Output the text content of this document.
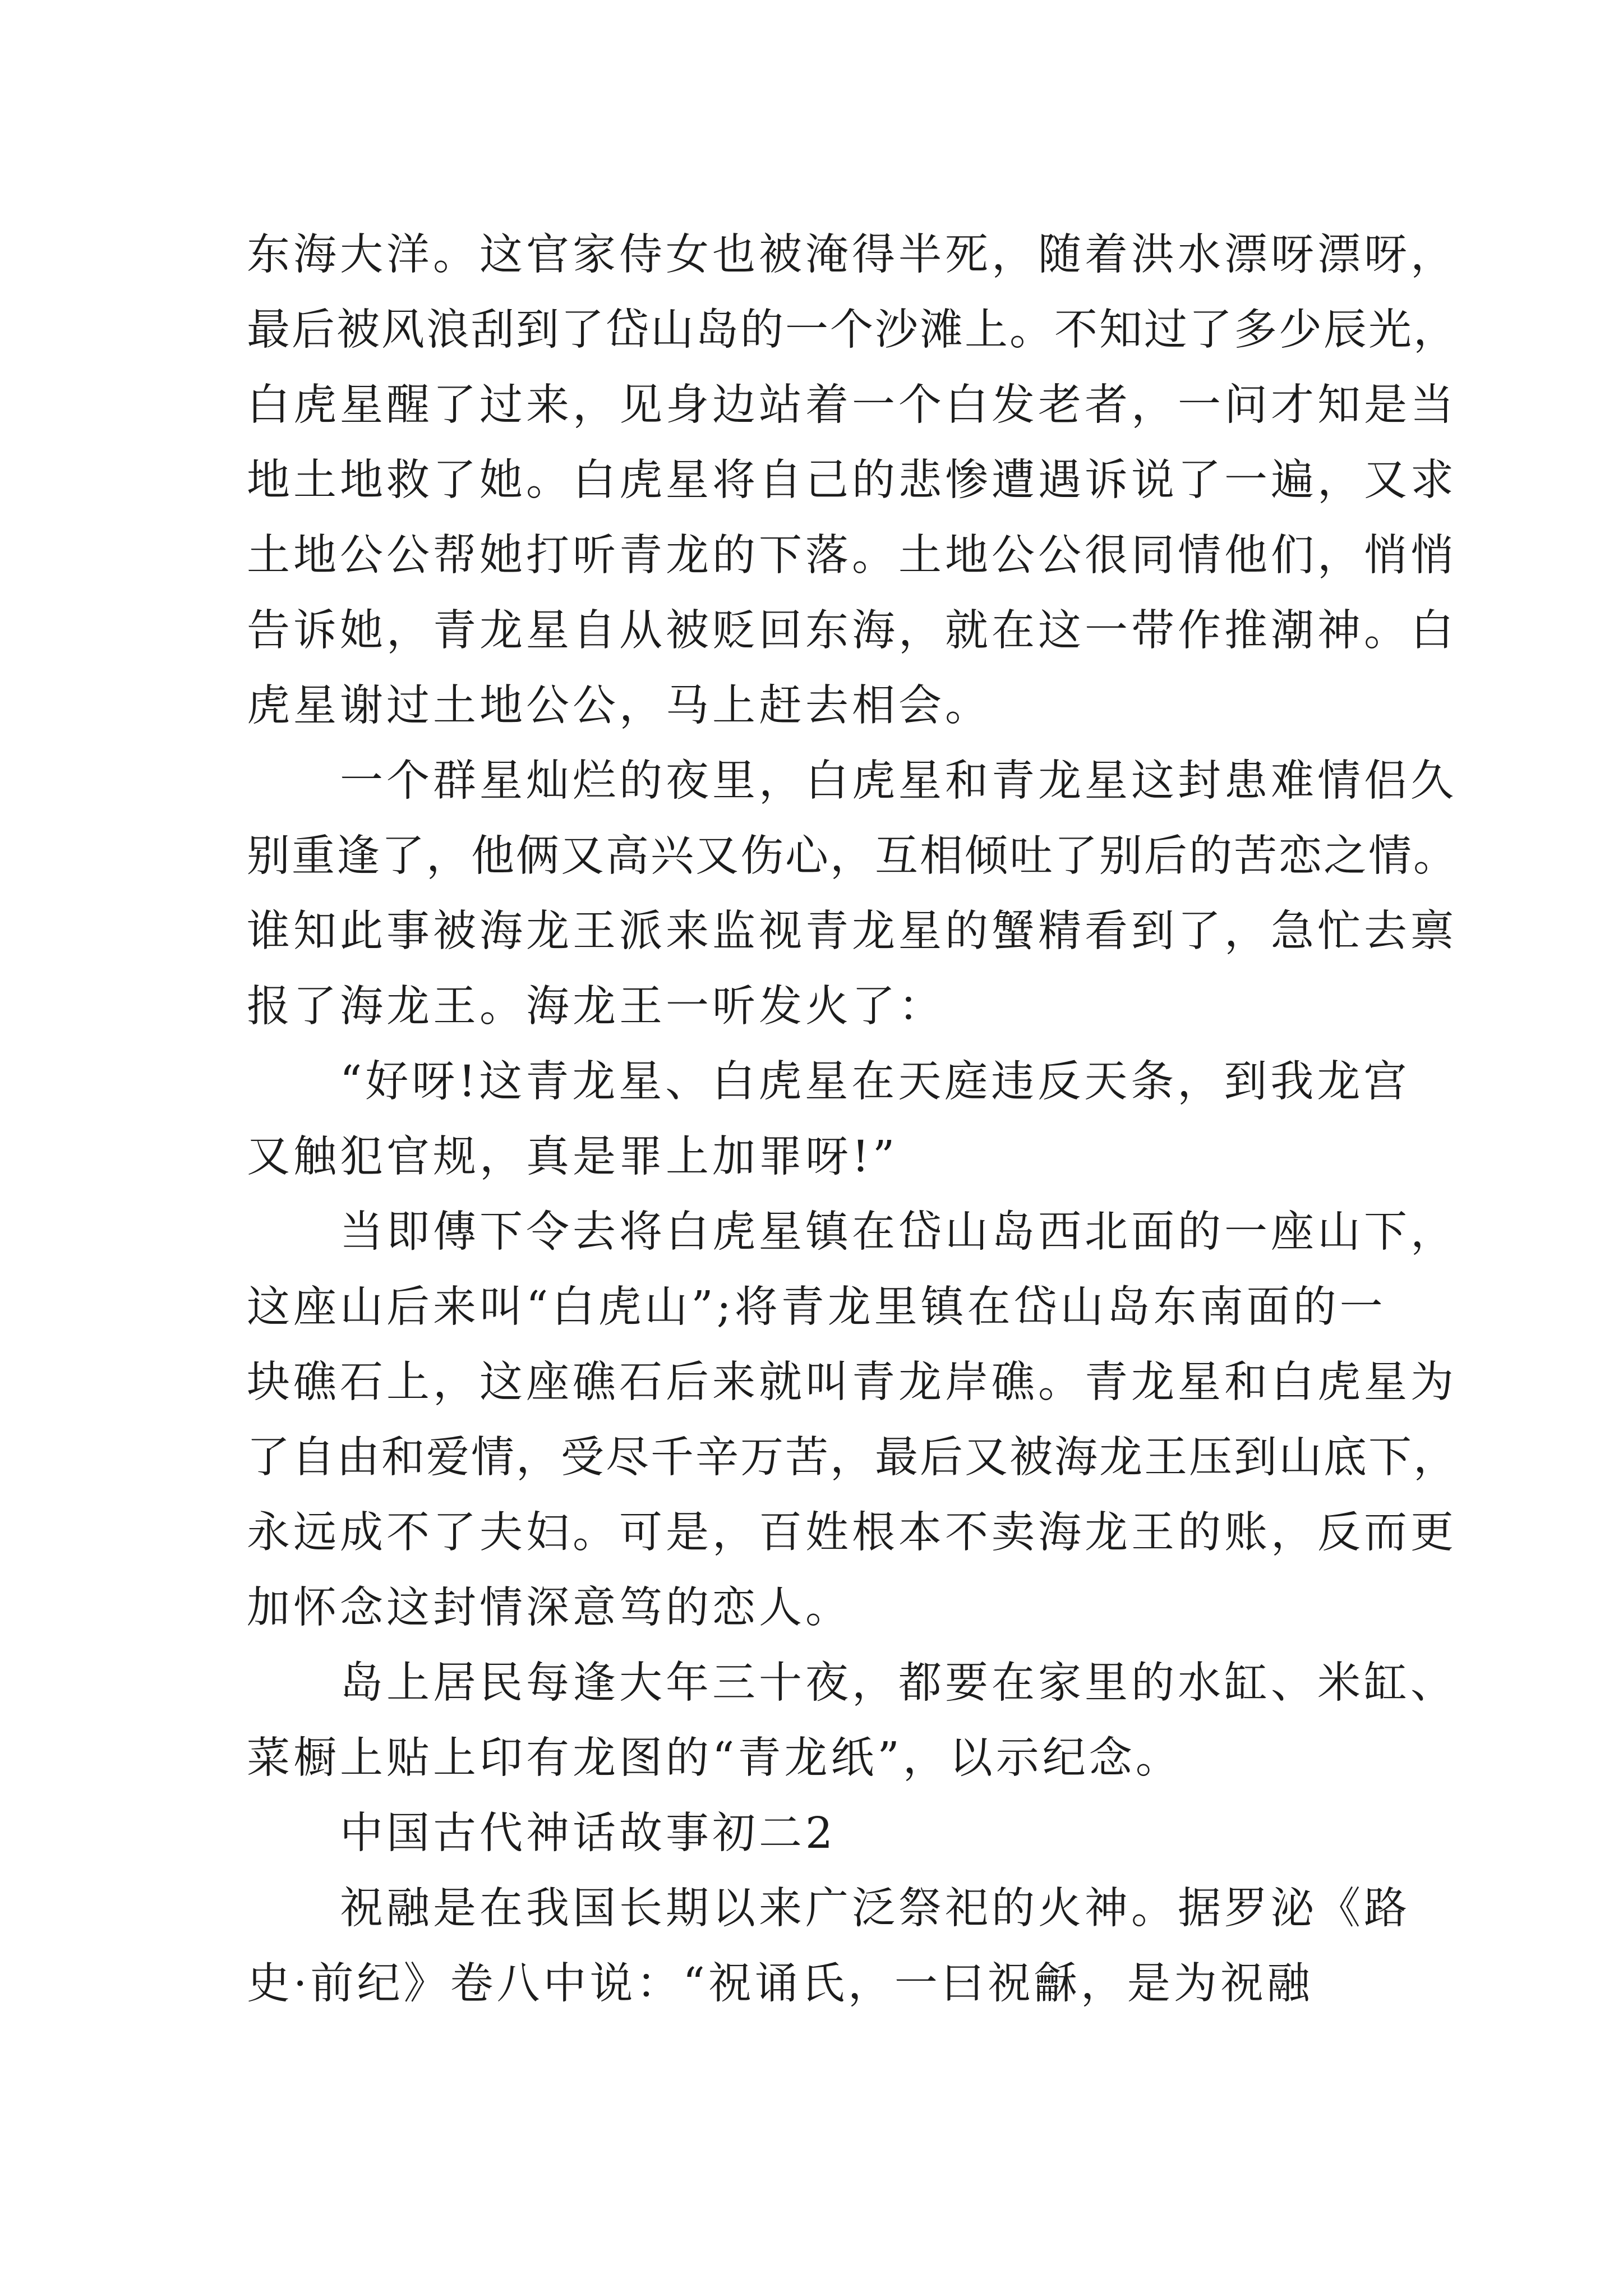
东海大洋。这官家侍女也被淹得半死，随着洪水漂呀漂呀，
最后被风浪刮到了岱山岛的一个沙滩上。不知过了多少辰光，
白虎星醒了过来，见身边站着一个白发老者，一问才知是当
地土地救了她。白虎星将自己的悲惨遭遇诉说了一遍，又求
土地公公帮她打听青龙的下落。土地公公很同情他们，悄悄
告诉她，青龙星自从被贬回东海，就在这一带作推潮神。白
虎星谢过土地公公，马上赶去相会。
　　一个群星灿烂的夜里，白虎星和青龙星这封患难情侣久
别重逢了，他俩又高兴又伤心，互相倾吐了别后的苦恋之情。
谁知此事被海龙王派来监视青龙星的蟹精看到了，急忙去禀
报了海龙王。海龙王一听发火了：
　　“好呀!这青龙星、白虎星在天庭违反天条，到我龙宫
又触犯官规，真是罪上加罪呀!”
　　当即傳下令去将白虎星镇在岱山岛西北面的一座山下，
这座山后来叫“白虎山”;将青龙里镇在岱山岛东南面的一
块礁石上，这座礁石后来就叫青龙岸礁。青龙星和白虎星为
了自由和爱情，受尽千辛万苦，最后又被海龙王压到山底下，
永远成不了夫妇。可是，百姓根本不卖海龙王的账，反而更
加怀念这封情深意笃的恋人。
　　岛上居民每逢大年三十夜，都要在家里的水缸、米缸、
菜橱上贴上印有龙图的“青龙纸”，以示纪念。
　　中国古代神话故事初二2
　　祝融是在我国长期以来广泛祭祀的火神。据罗泌《路
史·前纪》卷八中说：“祝诵氏，一曰祝龢，是为祝融
